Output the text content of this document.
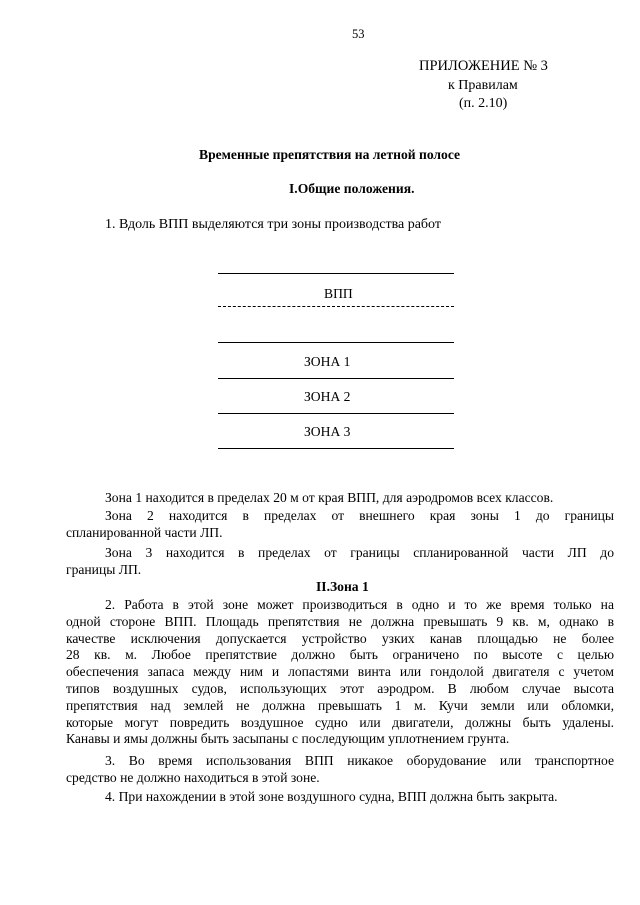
53
ПРИЛОЖЕНИЕ № 3
к Правилам
(п. 2.10)
Временные препятствия на летной полосе
I.Общие положения.
1. Вдоль ВПП выделяются три зоны производства работ
ВПП
ЗОНА 1
ЗОНА 2
ЗОНА 3
Зона 1 находится в пределах 20 м от края ВПП, для аэродромов всех классов.
Зона 2 находится в пределах от внешнего края зоны 1 до границы
спланированной части ЛП.
Зона 3 находится в пределах от границы спланированной части ЛП до
границы ЛП.
II.Зона 1
2. Работа в этой зоне может производиться в одно и то же время только на
одной стороне ВПП. Площадь препятствия не должна превышать 9 кв. м, однако в
качестве исключения допускается устройство узких канав площадью не более
28 кв. м. Любое препятствие должно быть ограничено по высоте с целью
обеспечения запаса между ним и лопастями винта или гондолой двигателя с учетом
типов воздушных судов, использующих этот аэродром. В любом случае высота
препятствия над землей не должна превышать 1 м. Кучи земли или обломки,
которые могут повредить воздушное судно или двигатели, должны быть удалены.
Канавы и ямы должны быть засыпаны с последующим уплотнением грунта.
3. Во время использования ВПП никакое оборудование или транспортное
средство не должно находиться в этой зоне.
4. При нахождении в этой зоне воздушного судна, ВПП должна быть закрыта.
